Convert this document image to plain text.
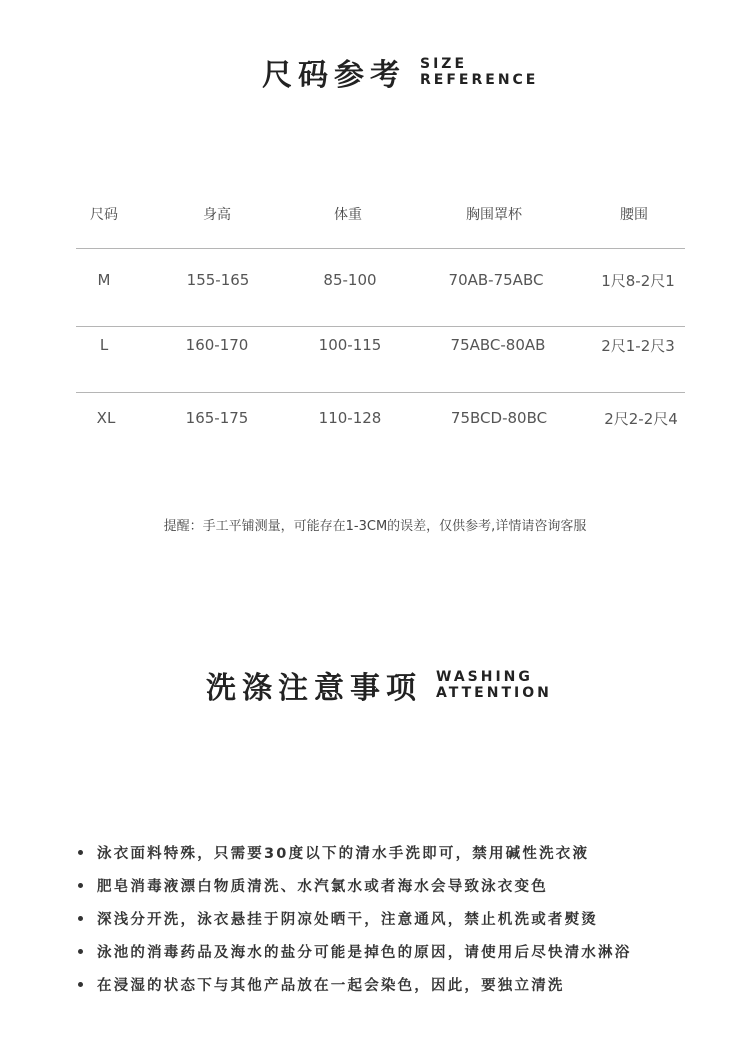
尺码参考 SIZE
REFERENCE
尺码	身高	体重	胸围罩杯	腰围
M	155-165	85-100	70AB-75ABC	1尺8-2尺1
L	160-170	100-115	75ABC-80AB	2尺1-2尺3
XL	165-175	110-128	75BCD-80BC	2尺2-2尺4
提醒：手工平铺测量，可能存在1-3CM的误差，仅供参考,详情请咨询客服
洗涤注意事项 WASHING
ATTENTION
泳衣面料特殊，只需要30度以下的清水手洗即可，禁用碱性洗衣液
肥皂消毒液漂白物质清洗、水汽氯水或者海水会导致泳衣变色
深浅分开洗，泳衣悬挂于阴凉处晒干，注意通风，禁止机洗或者熨烫
泳池的消毒药品及海水的盐分可能是掉色的原因，请使用后尽快清水淋浴
在浸湿的状态下与其他产品放在一起会染色，因此，要独立清洗
